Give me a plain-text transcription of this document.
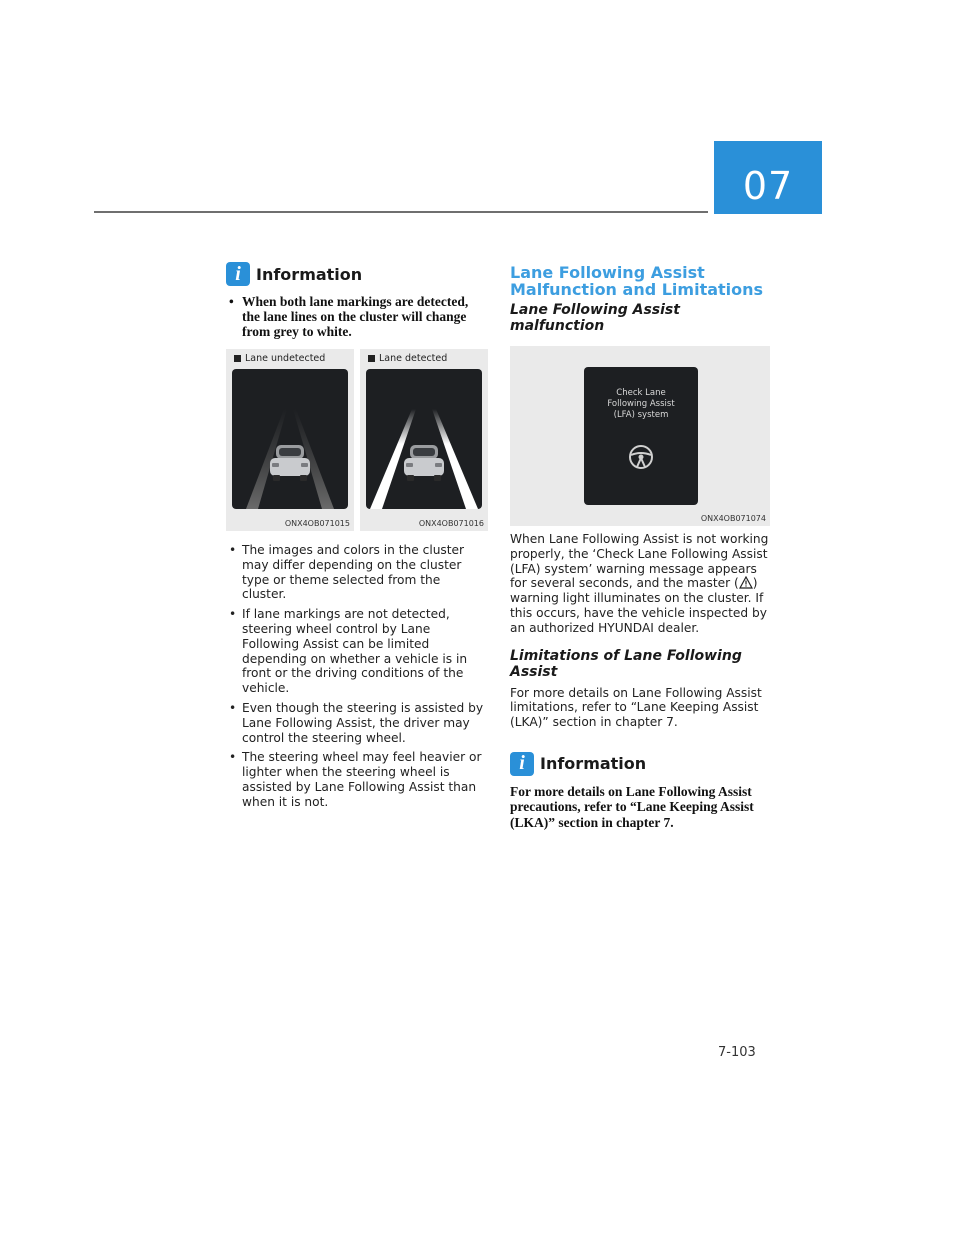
07
i Information

• When both lane markings are detected, the lane lines on the cluster will change from grey to white.

Lane undetected
ONX4OB071015
Lane detected
ONX4OB071016

• The images and colors in the cluster may differ depending on the cluster type or theme selected from the cluster.

• If lane markings are not detected, steering wheel control by Lane Following Assist can be limited depending on whether a vehicle is in front or the driving conditions of the vehicle.

• Even though the steering is assisted by Lane Following Assist, the driver may control the steering wheel.

• The steering wheel may feel heavier or lighter when the steering wheel is assisted by Lane Following Assist than when it is not.

Lane Following Assist
Malfunction and Limitations

Lane Following Assist malfunction

Check Lane
Following Assist
(LFA) system
ONX4OB071074

When Lane Following Assist is not working properly, the ‘Check Lane Following Assist (LFA) system’ warning message appears for several seconds, and the master ( ) warning light illuminates on the cluster. If this occurs, have the vehicle inspected by an authorized HYUNDAI dealer.

Limitations of Lane Following Assist

For more details on Lane Following Assist limitations, refer to “Lane Keeping Assist (LKA)” section in chapter 7.

i Information

For more details on Lane Following Assist precautions, refer to “Lane Keeping Assist (LKA)” section in chapter 7.

7-103
